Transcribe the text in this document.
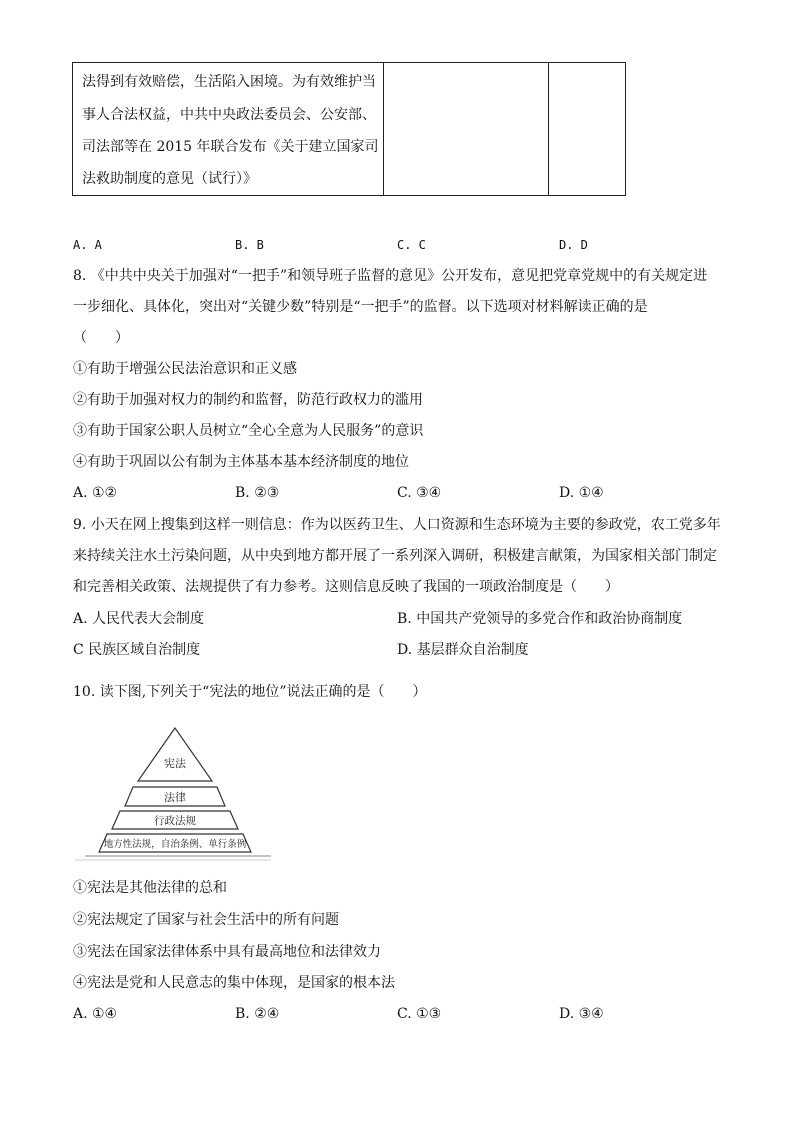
法得到有效赔偿，生活陷入困境。为有效维护当
事人合法权益，中共中央政法委员会、公安部、
司法部等在 2015 年联合发布《关于建立国家司
法救助制度的意见（试行）》
A. A	B. B	C. C	D. D
8. 《中共中央关于加强对“一把手”和领导班子监督的意见》公开发布，意见把党章党规中的有关规定进
一步细化、具体化，突出对“关键少数”特别是“一把手”的监督。以下选项对材料解读正确的是
（　　）
①有助于增强公民法治意识和正义感
②有助于加强对权力的制约和监督，防范行政权力的滥用
③有助于国家公职人员树立“全心全意为人民服务”的意识
④有助于巩固以公有制为主体基本基本经济制度的地位
A. ①②	B. ②③	C. ③④	D. ①④
9. 小天在网上搜集到这样一则信息：作为以医药卫生、人口资源和生态环境为主要的参政党，农工党多年
来持续关注水土污染问题，从中央到地方都开展了一系列深入调研，积极建言献策，为国家相关部门制定
和完善相关政策、法规提供了有力参考。这则信息反映了我国的一项政治制度是（　　）
A. 人民代表大会制度	B. 中国共产党领导的多党合作和政治协商制度
C 民族区域自治制度	D. 基层群众自治制度
10. 读下图,下列关于“宪法的地位”说法正确的是（　　）
宪法
法律
行政法规
地方性法规，自治条例、单行条例
①宪法是其他法律的总和
②宪法规定了国家与社会生活中的所有问题
③宪法在国家法律体系中具有最高地位和法律效力
④宪法是党和人民意志的集中体现，是国家的根本法
A. ①④	B. ②④	C. ①③	D. ③④
